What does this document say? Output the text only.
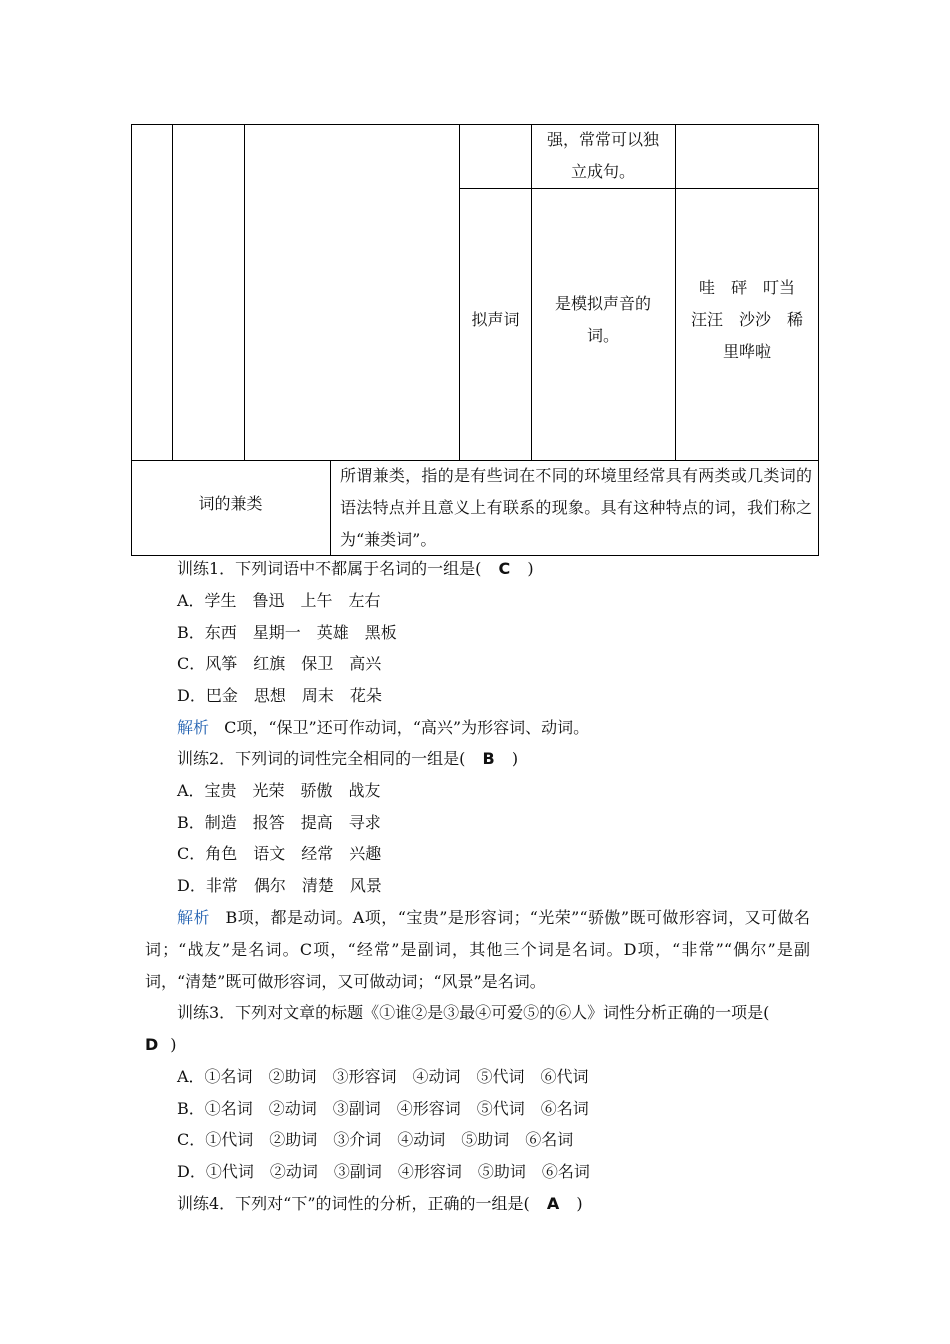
强，常常可以独立成句。
拟声词
是模拟声音的词。
哇　砰　叮当
汪汪　沙沙　稀
里哗啦
词的兼类
所谓兼类，指的是有些词在不同的环境里经常具有两类或几类词的语法特点并且意义上有联系的现象。具有这种特点的词，我们称之为“兼类词”。
训练1．下列词语中不都属于名词的一组是( C )
A．学生　鲁迅　上午　左右
B．东西　星期一　英雄　黑板
C．风筝　红旗　保卫　高兴
D．巴金　思想　周末　花朵
解析 C项，“保卫”还可作动词，“高兴”为形容词、动词。
训练2．下列词的词性完全相同的一组是( B )
A．宝贵　光荣　骄傲　战友
B．制造　报答　提高　寻求
C．角色　语文　经常　兴趣
D．非常　偶尔　清楚　风景
解析 B项，都是动词。A项，“宝贵”是形容词；“光荣”“骄傲”既可做形容词，又可做名词；“战友”是名词。C项，“经常”是副词，其他三个词是名词。D项，“非常”“偶尔”是副词，“清楚”既可做形容词，又可做动词；“风景”是名词。
训练3．下列对文章的标题《①谁②是③最④可爱⑤的⑥人》词性分析正确的一项是(
D )
A．①名词　②助词　③形容词　④动词　⑤代词　⑥代词
B．①名词　②动词　③副词　④形容词　⑤代词　⑥名词
C．①代词　②助词　③介词　④动词　⑤助词　⑥名词
D．①代词　②动词　③副词　④形容词　⑤助词　⑥名词
训练4．下列对“下”的词性的分析，正确的一组是( A )
